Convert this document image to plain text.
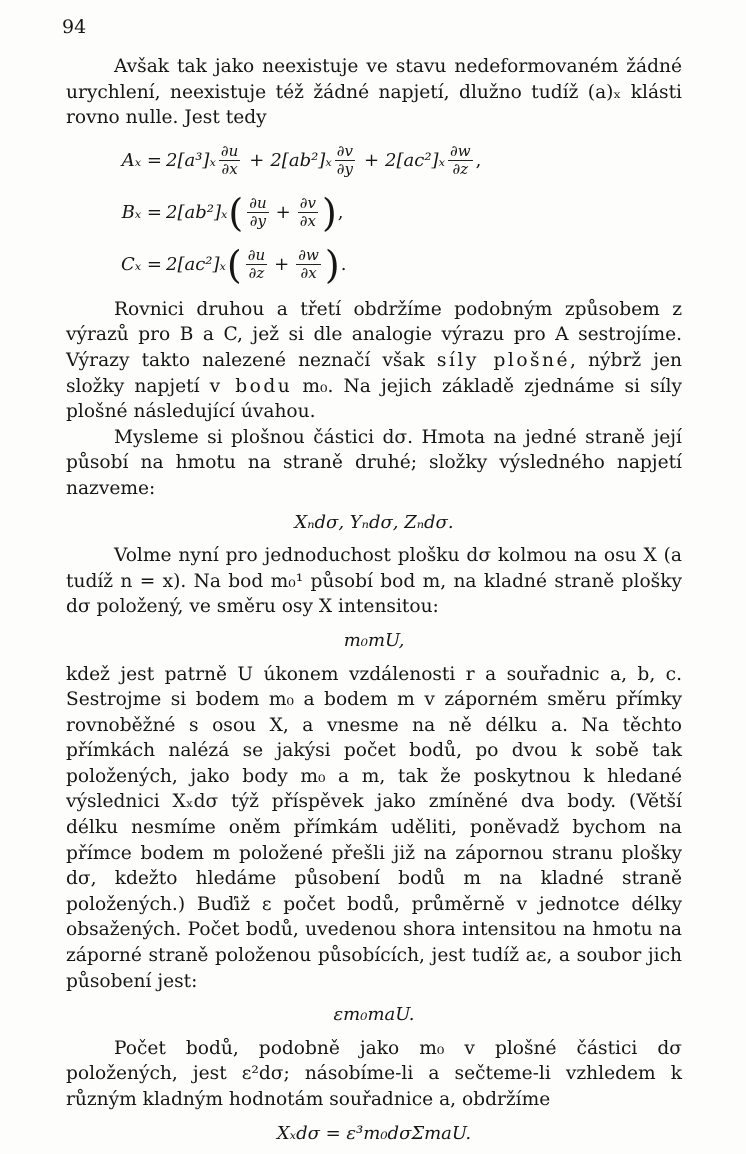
94

Avšak tak jako neexistuje ve stavu nedeformovaném žádné urychlení, neexistuje též žádné napjetí, dlužno tudíž (a)ₓ klásti rovno nulle. Jest tedy

$A_x = 2[a^3]_x \frac{\partial u}{\partial x} + 2[ab^2]_x \frac{\partial v}{\partial y} + 2[ac^2]_x \frac{\partial w}{\partial z}$ ,
Bₓ = 2[ab²]ₓ ( $\frac{\partial u}{\partial y} + \frac{\partial v}{\partial x}$ ) ,
Cₓ = 2[ac²]ₓ ( $\frac{\partial u}{\partial z} + \frac{\partial w}{\partial x}$ ) .

Rovnici druhou a třetí obdržíme podobným způsobem z výrazů pro B a C, jež si dle analogie výrazu pro A sestrojíme. Výrazy takto nalezené neznačí však síly plošné, nýbrž jen složky napjetí v bodu m₀. Na jejich základě zjednáme si síly plošné následující úvahou.

Mysleme si plošnou částici dσ. Hmota na jedné straně její působí na hmotu na straně druhé; složky výsledného napjetí nazveme:

Xₙdσ, Yₙdσ, Zₙdσ.

Volme nyní pro jednoduchost plošku dσ kolmou na osu X (a tudíž n = x). Na bod m₀¹ působí bod m, na kladné straně plošky dσ položený, ve směru osy X intensitou:

m₀mU,

kdež jest patrně U úkonem vzdálenosti r a souřadnic a, b, c. Sestrojme si bodem m₀ a bodem m v záporném směru přímky rovnoběžné s osou X, a vnesme na ně délku a. Na těchto přímkách nalézá se jakýsi počet bodů, po dvou k sobě tak položených, jako body m₀ a m, tak že poskytnou k hledané výslednici Xₓdσ týž příspěvek jako zmíněné dva body. (Větší délku nesmíme oněm přímkám uděliti, poněvadž bychom na přímce bodem m položené přešli již na zápornou stranu plošky dσ, kdežto hledáme působení bodů m na kladné straně položených.) Buďiž ε počet bodů, průměrně v jednotce délky obsažených. Počet bodů, uvedenou shora intensitou na hmotu na záporné straně položenou působících, jest tudíž aε, a soubor jich působení jest:

εm₀maU.

Počet bodů, podobně jako m₀ v plošné částici dσ položených, jest ε²dσ; násobíme-li a sečteme-li vzhledem k různým kladným hodnotám souřadnice a, obdržíme

Xₓdσ = ε³m₀dσΣmaU.
